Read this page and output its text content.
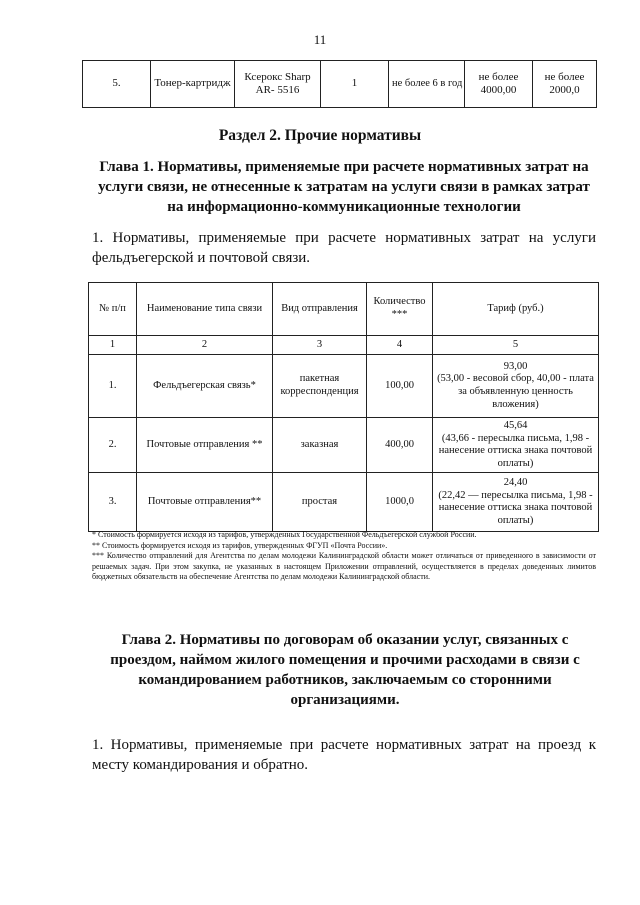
11
5.	Тонер-картридж	Ксерокс Sharp AR- 5516	1	не более 6 в год	не более 4000,00	не более 2000,0
Раздел 2. Прочие нормативы
Глава 1. Нормативы, применяемые при расчете нормативных затрат на услуги связи, не отнесенные к затратам на услуги связи в рамках затрат на информационно-коммуникационные технологии
1. Нормативы, применяемые при расчете нормативных затрат на услуги
фельдъегерской и почтовой связи.
№ п/п	Наименование типа связи	Вид отправления	Количество ***	Тариф (руб.)
1	2	3	4	5
1.	Фельдъегерская связь*	пакетная корреспонденция	100,00	93,00
(53,00 - весовой сбор, 40,00 - плата за объявленную ценность вложения)

2.	Почтовые отправления **	заказная	400,00	45,64
(43,66 - пересылка письма, 1,98 - нанесение оттиска знака почтовой оплаты)

3.	Почтовые отправления**	простая	1000,0	24,40
(22,42 — пересылка письма, 1,98 - нанесение оттиска знака почтовой оплаты)

* Стоимость формируется исходя из тарифов, утвержденных Государственной Фельдъегерской службой России.

** Стоимость формируется исходя из тарифов, утвержденных ФГУП «Почта России».

*** Количество отправлений для Агентства по делам молодежи Калининградской области может отличаться от приведенного в зависимости от решаемых задач. При этом закупка, не указанных в настоящем Приложении отправлений, осуществляется в пределах доведенных лимитов бюджетных обязательств на обеспечение Агентства по делам молодежи Калининградской области.

Глава 2. Нормативы по договорам об оказании услуг, связанных с проездом, наймом жилого помещения и прочими расходами в связи с командированием работников, заключаемым со сторонними организациями.
1. Нормативы, применяемые при расчете нормативных затрат на проезд к
месту командирования и обратно.
